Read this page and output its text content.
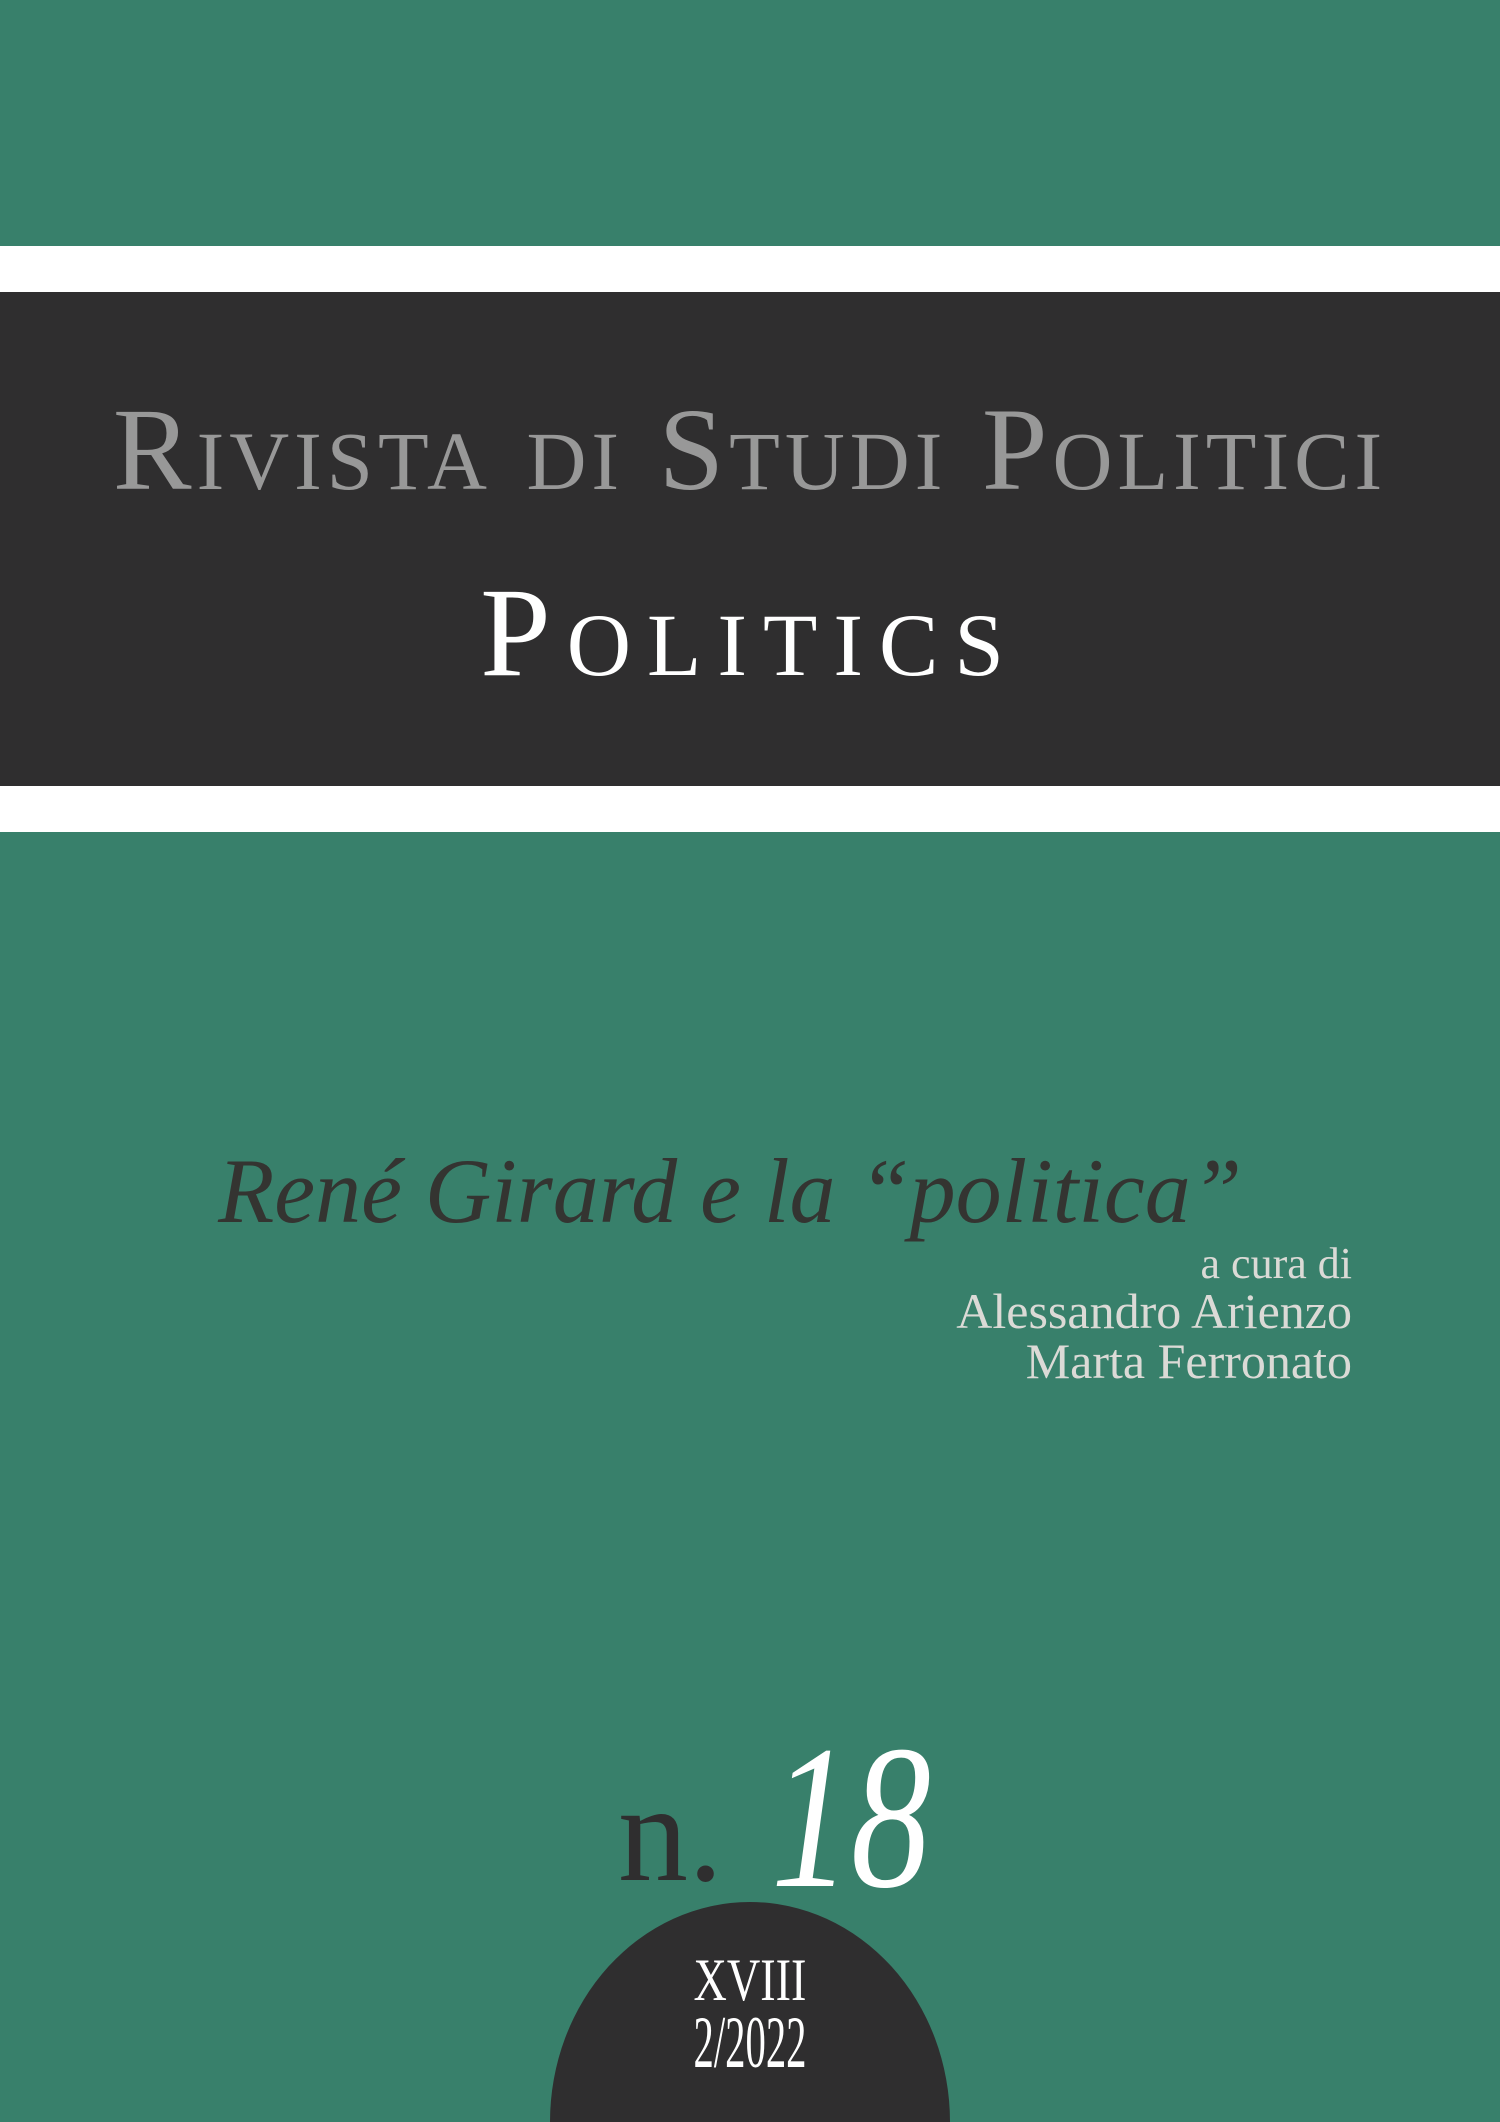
Rivista di Studi Politici
Politics
René Girard e la “politica”
a cura di
Alessandro Arienzo
Marta Ferronato
n. 18
XVIII
2/2022
